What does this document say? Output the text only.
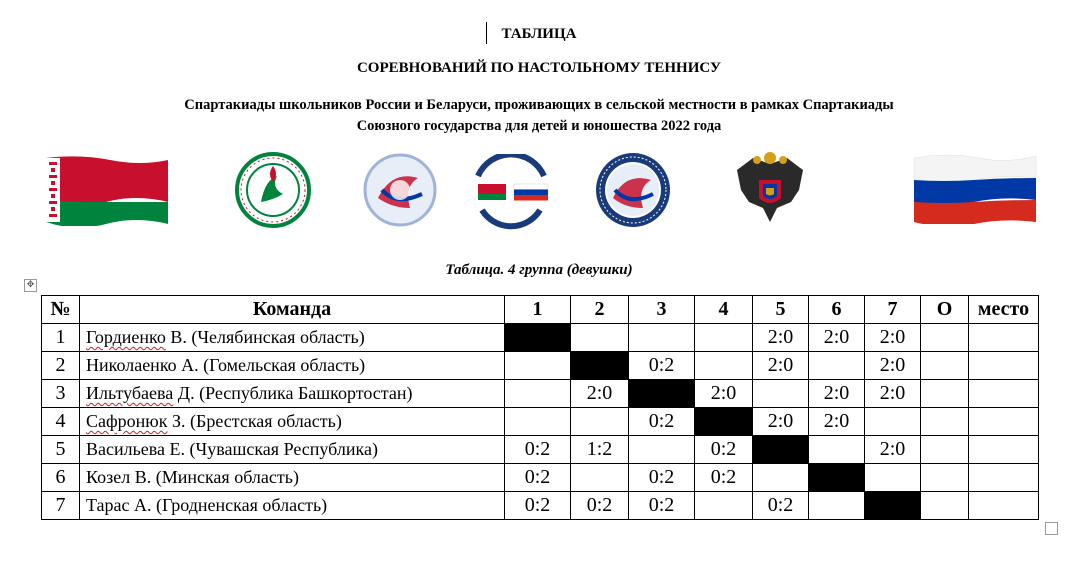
ТАБЛИЦА
СОРЕВНОВАНИЙ ПО НАСТОЛЬНОМУ ТЕННИСУ
Спартакиады школьников России и Беларуси, проживающих в сельской местности в рамках Спартакиады
Союзного государства для детей и юношества 2022 года
Таблица. 4 группа (девушки)
✥
№	Команда	1	2	3	4	5	6	7	О	место
1	Гордиенко В. (Челябинская область)					2:0	2:0	2:0		
2	Николаенко А. (Гомельская область)			0:2		2:0		2:0		
3	Ильтубаева Д. (Республика Башкортостан)		2:0		2:0		2:0	2:0		
4	Сафронюк З. (Брестская область)			0:2		2:0	2:0			
5	Васильева Е. (Чувашская Республика)	0:2	1:2		0:2			2:0		
6	Козел В. (Минская область)	0:2		0:2	0:2					
7	Тарас А. (Гродненская область)	0:2	0:2	0:2		0:2				
